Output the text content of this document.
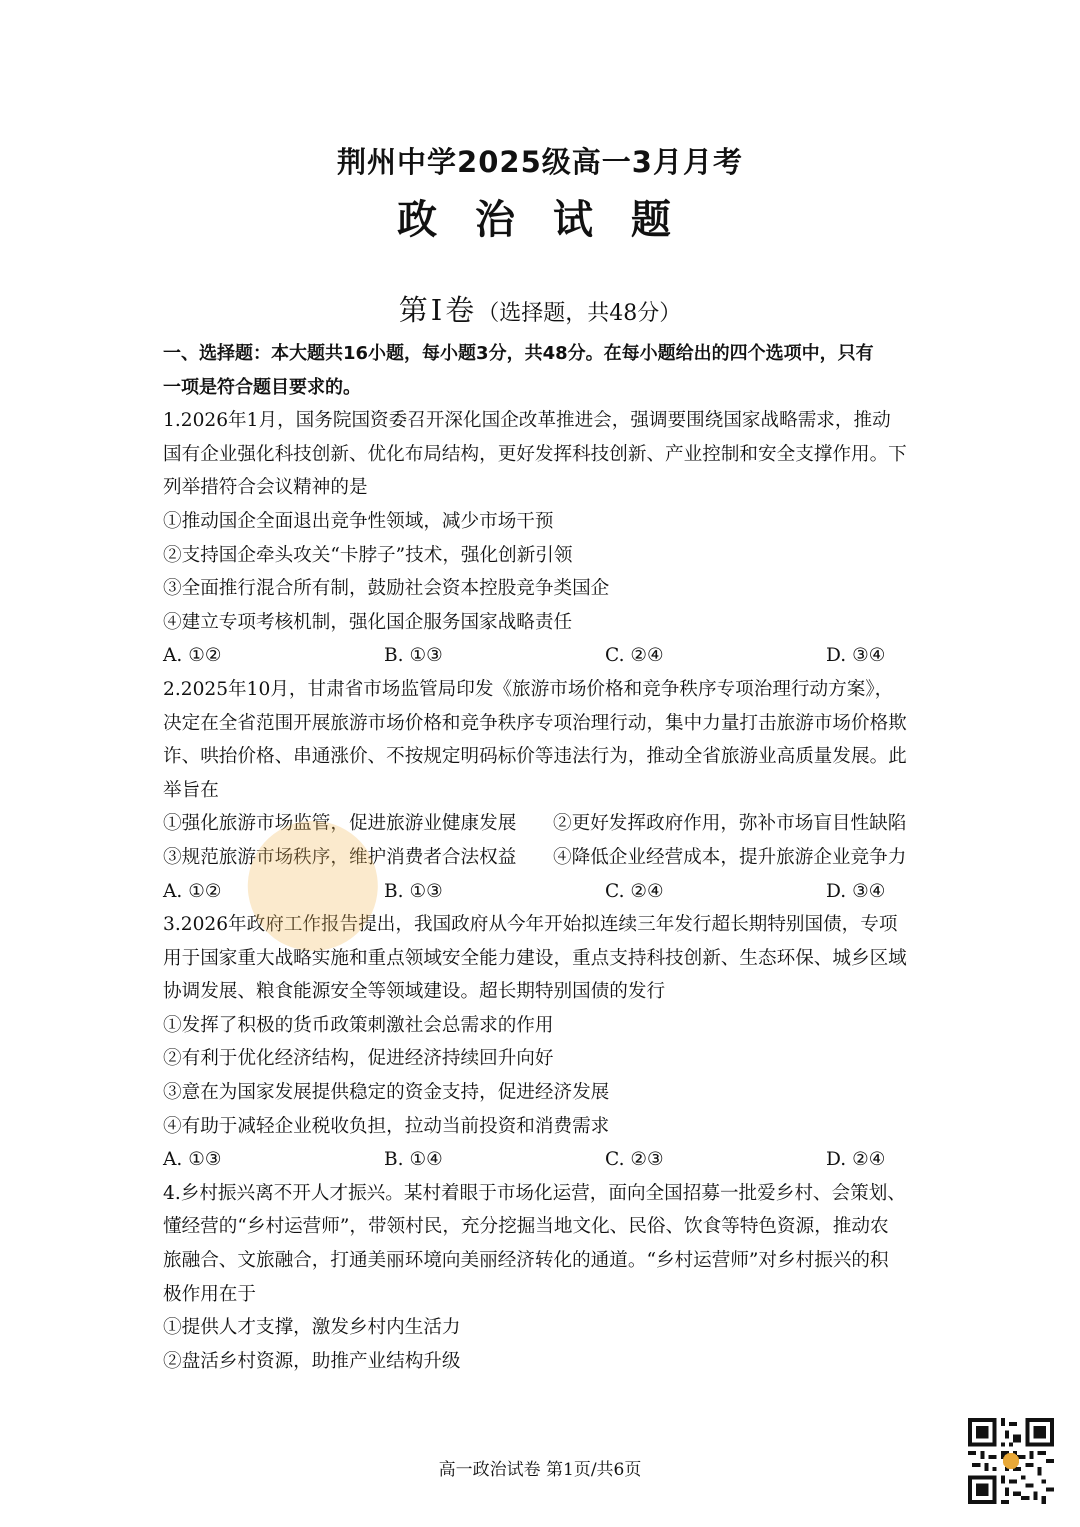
荆州中学2025级高一3月月考
政 治 试 题
第Ⅰ卷（选择题，共48分）
一、选择题：本大题共16小题，每小题3分，共48分。在每小题给出的四个选项中，只有
一项是符合题目要求的。
1.2026年1月，国务院国资委召开深化国企改革推进会，强调要围绕国家战略需求，推动
国有企业强化科技创新、优化布局结构，更好发挥科技创新、产业控制和安全支撑作用。下
列举措符合会议精神的是
①推动国企全面退出竞争性领域，减少市场干预
②支持国企牵头攻关“卡脖子”技术，强化创新引领
③全面推行混合所有制，鼓励社会资本控股竞争类国企
④建立专项考核机制，强化国企服务国家战略责任
A. ①②	B. ①③	C. ②④	D. ③④
2.2025年10月，甘肃省市场监管局印发《旅游市场价格和竞争秩序专项治理行动方案》，
决定在全省范围开展旅游市场价格和竞争秩序专项治理行动，集中力量打击旅游市场价格欺
诈、哄抬价格、串通涨价、不按规定明码标价等违法行为，推动全省旅游业高质量发展。此
举旨在
①强化旅游市场监管，促进旅游业健康发展	②更好发挥政府作用，弥补市场盲目性缺陷
③规范旅游市场秩序，维护消费者合法权益	④降低企业经营成本，提升旅游企业竞争力
A. ①②	B. ①③	C. ②④	D. ③④
3.2026年政府工作报告提出，我国政府从今年开始拟连续三年发行超长期特别国债，专项
用于国家重大战略实施和重点领域安全能力建设，重点支持科技创新、生态环保、城乡区域
协调发展、粮食能源安全等领域建设。超长期特别国债的发行
①发挥了积极的货币政策刺激社会总需求的作用
②有利于优化经济结构，促进经济持续回升向好
③意在为国家发展提供稳定的资金支持，促进经济发展
④有助于减轻企业税收负担，拉动当前投资和消费需求
A. ①③	B. ①④	C. ②③	D. ②④
4.乡村振兴离不开人才振兴。某村着眼于市场化运营，面向全国招募一批爱乡村、会策划、
懂经营的“乡村运营师”，带领村民，充分挖掘当地文化、民俗、饮食等特色资源，推动农
旅融合、文旅融合，打通美丽环境向美丽经济转化的通道。“乡村运营师”对乡村振兴的积
极作用在于
①提供人才支撑，激发乡村内生活力
②盘活乡村资源，助推产业结构升级
高一政治试卷 第1页/共6页
